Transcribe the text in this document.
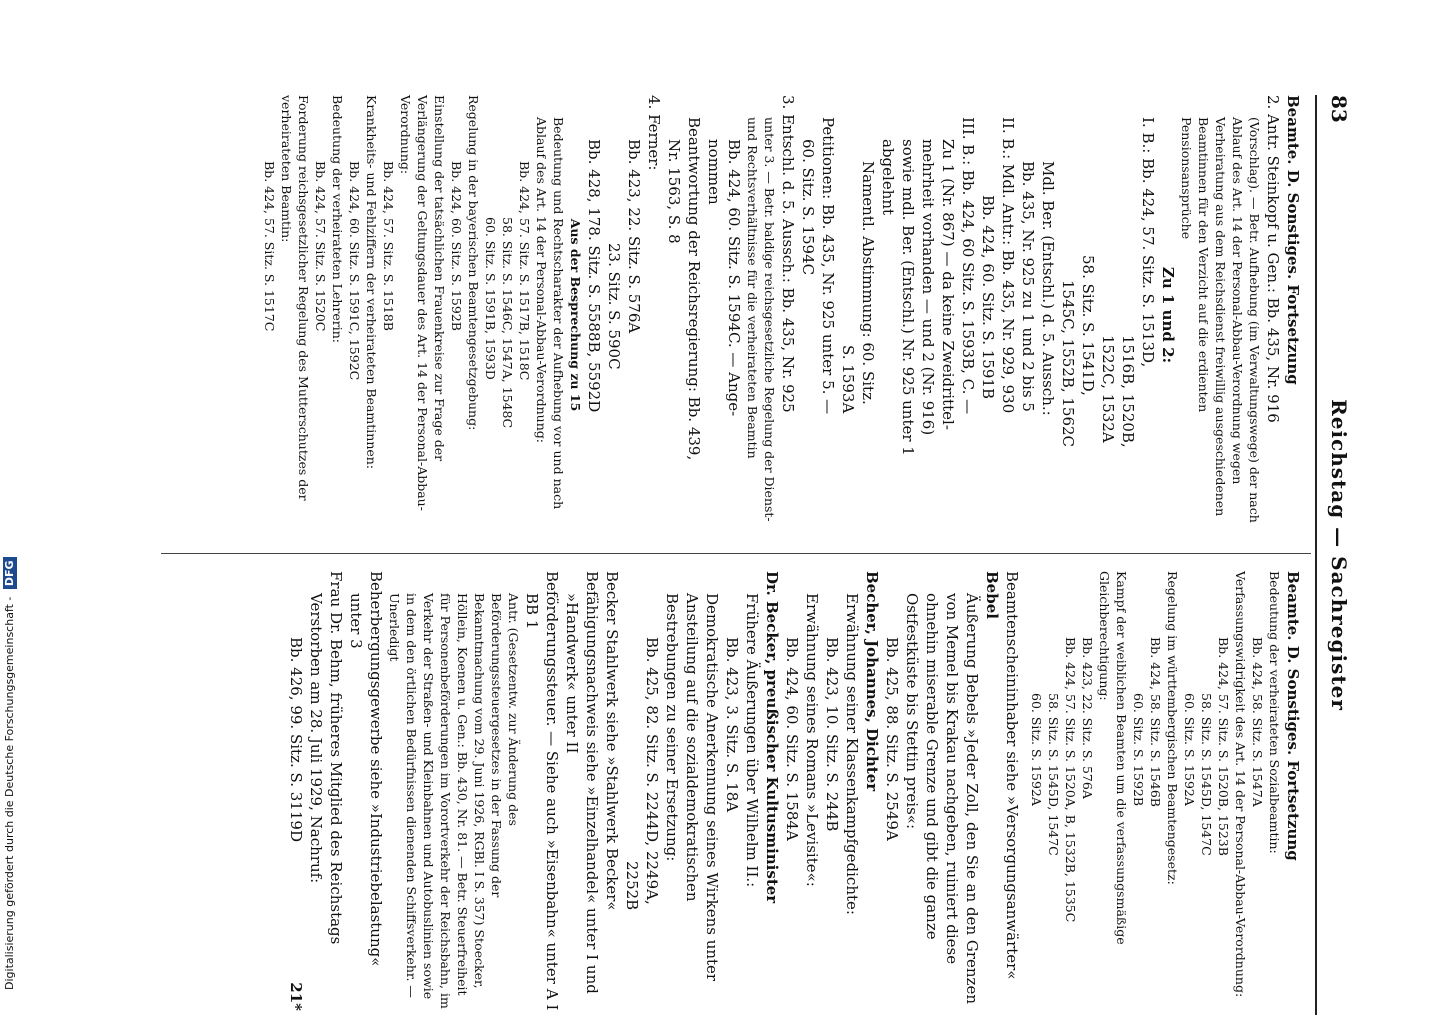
83
Reichstag — Sachregister

Beamte. D. Sonstiges. Fortsetzung

2. Antr. Steinkopf u. Gen.: Bb. 435, Nr. 916

(Vorschlag). — Betr. Aufhebung (im Verwaltungswege) der nach Ablauf des Art. 14 der Personal-Abbau-Verordnung wegen Verheiratung aus dem Reichsdienst freiwillig ausgeschiedenen Beamtinnen für den Verzicht auf die erdienten Pensionsansprüche

Zu 1 und 2:

I. B.: Bb. 424, 57. Sitz. S. 1513D,

1516B, 1520B,

1522C, 1532A

58. Sitz. S. 1541D,

1545C, 1552B, 1562C

Mdl. Ber. (Entschl.) d. 5. Aussch.:

Bb. 435, Nr. 925 zu 1 und 2 bis 5

II. B.: Mdl. Antr.: Bb. 435, Nr. 929, 930

Bb. 424, 60. Sitz. S. 1591B

III. B.: Bb. 424, 60 Sitz. S. 1593B, C. —

Zu 1 (Nr. 867) — da keine Zweidrittel-

mehrheit vorhanden — und 2 (Nr. 916)

sowie mdl. Ber. (Entschl.) Nr. 925 unter 1

abgelehnt

Namentl. Abstimmung: 60. Sitz.

S. 1593A

Petitionen: Bb. 435, Nr. 925 unter 5. —

60. Sitz. S. 1594C

3. Entschl. d. 5. Aussch.: Bb. 435, Nr. 925

unter 3. — Betr. baldige reichsgesetzliche Regelung der Dienst- und Rechtsverhältnisse für die verheirateten Beamtin

Bb. 424, 60. Sitz. S. 1594C. — Ange-

nommen

Beantwortung der Reichsregierung: Bb. 439,

Nr. 1563, S. 8

4. Ferner:

Bb. 423, 22. Sitz. S. 576A

23. Sitz. S. 590C

Bb. 428, 178. Sitz. S. 5588B, 5592D

Aus der Besprechung zu 15

Bedeutung und Rechtscharakter der Aufhebung vor und nach Ablauf des Art. 14 der Personal-Abbau-Verordnung:

Bb. 424, 57. Sitz. S. 1517B, 1518C

58. Sitz. S. 1546C, 1547A, 1548C

60. Sitz. S. 1591B, 1593D

Regelung in der bayerischen Beamtengesetzgebung:

Bb. 424, 60. Sitz. S. 1592B

Einstellung der tatsächlichen Frauenkreise zur Frage der Verlängerung der Geltungsdauer des Art. 14 der Personal-Abbau-Verordnung:

Bb. 424, 57. Sitz. S. 1518B

Krankheits- und Fehlziffern der verheirateten Beamtinnen:

Bb. 424, 60. Sitz. S. 1591C, 1592C

Bedeutung der verheirateten Lehrerin:

Bb. 424, 57. Sitz. S. 1520C

Forderung reichsgesetzlicher Regelung des Mutterschutzes der verheirateten Beamtin:

Bb. 424, 57. Sitz. S. 1517C

Beamte. D. Sonstiges. Fortsetzung

Bedeutung der verheirateten Sozialbeamtin:

Bb. 424, 58. Sitz. S. 1547A

Verfassungswidrigkeit des Art. 14 der Personal-Abbau-Verordnung:

Bb. 424, 57. Sitz. S. 1520B, 1523B

58. Sitz. S. 1545D, 1547C

60. Sitz. S. 1592A

Regelung im württembergischen Beamtengesetz:

Bb. 424, 58. Sitz. S. 1546B

60. Sitz. S. 1592B

Kampf der weiblichen Beamten um die verfassungsmäßige Gleichberechtigung:

Bb. 423, 22. Sitz. S. 576A

Bb. 424, 57. Sitz. S. 1520A, B, 1532B, 1535C

58. Sitz. S. 1545D, 1547C

60. Sitz. S. 1592A

Beamtenscheininhaber siehe »Versorgungsanwärter«

Bebel

Äußerung Bebels »Jeder Zoll, den Sie an den Grenzen von Memel bis Krakau nachgeben, ruiniert diese ohnehin miserable Grenze und gibt die ganze Ostfestküste bis Stettin preis«:

Bb. 425, 88. Sitz. S. 2549A

Becher, Johannes, Dichter

Erwähnung seiner Klassenkampfgedichte:

Bb. 423, 10. Sitz. S. 244B

Erwähnung seines Romans »Levisite«:

Bb. 424, 60. Sitz. S. 1584A

Dr. Becker, preußischer Kultusminister

Frühere Äußerungen über Wilhelm II.:

Bb. 423, 3. Sitz. S. 18A

Demokratische Anerkennung seines Wirkens unter Ansteilung auf die sozialdemokratischen Bestrebungen zu seiner Ersetzung:

Bb. 425, 82. Sitz. S. 2244D, 2249A,

2252B

Becker Stahlwerk siehe »Stahlwerk Becker«

Befähigungsnachweis siehe »Einzelhandel« unter I und »Handwerk« unter II

Beförderungssteuer. — Siehe auch »Eisenbahn« unter A I BB 1

Antr. (Gesetzentw. zur Änderung des Beförderungssteuergesetzes in der Fassung der Bekanntmachung vom 29. Juni 1926, RGBl. I S. 357) Stoecker, Höllein, Koenen u. Gen.: Bb. 430, Nr. 81. — Betr. Steuerfreiheit für Personenbeförderungen im Vorortverkehr der Reichsbahn, im Verkehr der Straßen- und Kleinbahnen und Autobuslinien sowie in dem den örtlichen Bedürfnissen dienenden Schiffsverkehr. — Unerledigt

Beherbergungsgewerbe siehe »Industriebelastung« unter 3

Frau Dr. Behm, früheres Mitglied des Reichstags

Verstorben am 28. Juli 1929, Nachruf:

Bb. 426, 99. Sitz. S. 3119D

21*
Digitalisierung gefördert durch die Deutsche Forschungsgemeinschaft - DFG
